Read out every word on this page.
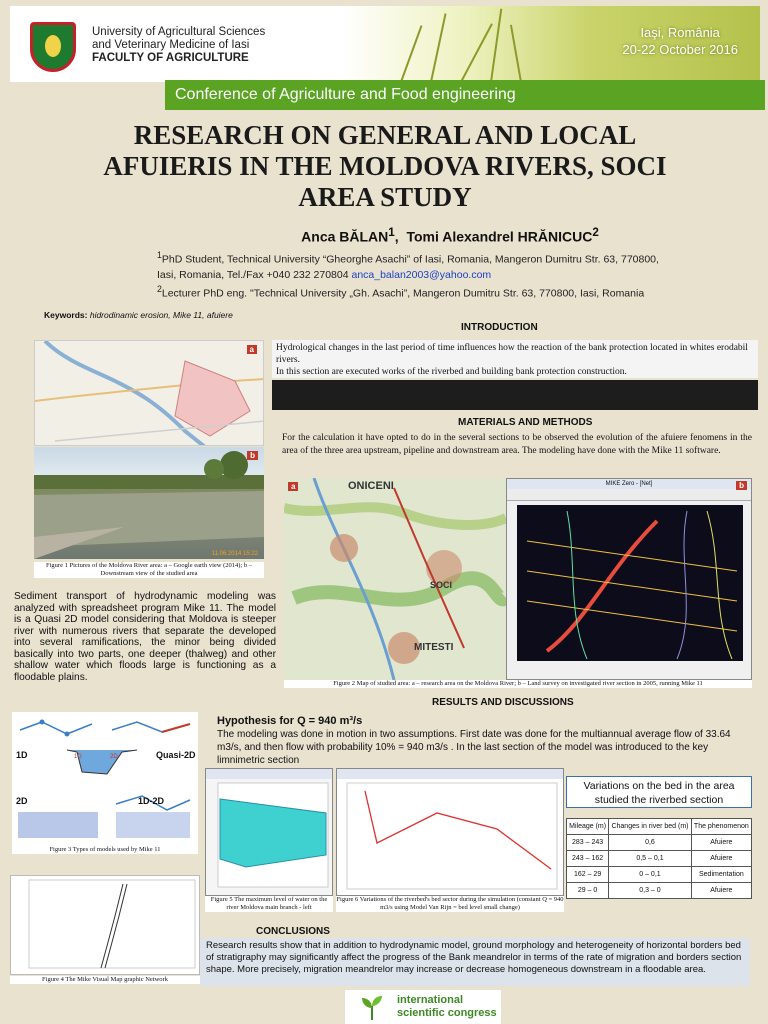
University of Agricultural Sciences
and Veterinary Medicine of Iasi
FACULTY OF AGRICULTURE
Iaşi, România
20-22 October 2016
Conference of Agriculture and Food engineering
RESEARCH ON GENERAL AND LOCAL
AFUIERIS IN THE MOLDOVA RIVERS, SOCI
AREA STUDY
Anca BĂLAN$^1$,  Tomi Alexandrel HRĂNICUC$^2$
$^1$PhD Student, Technical University “Gheorghe Asachi” of Iasi, Romania, Mangeron Dumitru Str. 63, 770800,
Iasi, Romania, Tel./Fax +040 232 270804 anca_balan2003@yahoo.com
$^2$Lecturer PhD eng. "Technical University „Gh. Asachi”, Mangeron Dumitru Str. 63, 770800, Iasi, Romania
Keywords: hidrodinamic erosion, Mike 11, afuiere
INTRODUCTION
Hydrological changes in the last period of time influences how the reaction of the bank protection located in whites erodabil rivers.
In this section are executed works of the riverbed and building bank protection construction.
a
b
11.06.2014 15:22
Figure 1 Pictures of the Moldova River area: a – Google earth view (2014); b – Downstream view of the studied area
MATERIALS AND METHODS
For the calculation it have opted to do in the several sections to be observed the evolution of the afuiere fenomens in the area of the three area upstream, pipeline and downstream area. The modeling have done with the Mike 11 software.
a	ONICENI
SOCI
MITESTI
MIKE Zero - [Net]	b
Figure 2 Map of studied area: a – research area on the Moldova River; b – Land survey on investigated river section in 2005, running Mike 11
Sediment transport of hydrodynamic modeling was analyzed with spreadsheet program Mike 11. The model is a Quasi 2D model considering that Moldova is steeper river with numerous rivers that separate the developed into several ramifications, the minor being divided basically into two parts, one deeper (thalweg) and other shallow water which floods large is functioning as a floodable plains.
RESULTS AND DISCUSSIONS
Hypothesis for Q = 940 m³/s
The modeling was done in motion in two assumptions. First date was done for the multiannual average flow of 33.64 m3/s, and then flow with probability 10% = 940 m3/s . In the last section of the model was introduced to the key limnimetric section
1D	Quasi-2D
2D	1D-2D
1D	2D
Figure 3 Types of models used by Mike 11
Figure 4 The Mike Visual Map graphic Network
Figure 5 The maximum level of water on the river Moldova main branch - left
Figure 6 Variations of the riverbed's bed sector during the simulation (constant Q = 940 m3/s using Model Van Rijn = bed level small change)
Variations on the bed in the area studied the riverbed section
Mileage (m)	Changes in river bed (m)	The phenomenon
283 – 243	0,6	Afuiere
243 – 162	0,5 – 0,1	Afuiere
162 – 29	0 – 0,1	Sedimentation
29 – 0	0,3 – 0	Afuiere
CONCLUSIONS
Research results show that in addition to hydrodynamic model, ground morphology and heterogeneity of horizontal borders bed of stratigraphy may significantly affect the progress of the Bank meandrelor in terms of the rate of migration and borders section shape. More precisely, migration meandrelor may increase or decrease homogeneous downstream in a floodable area.
international
scientific congress
